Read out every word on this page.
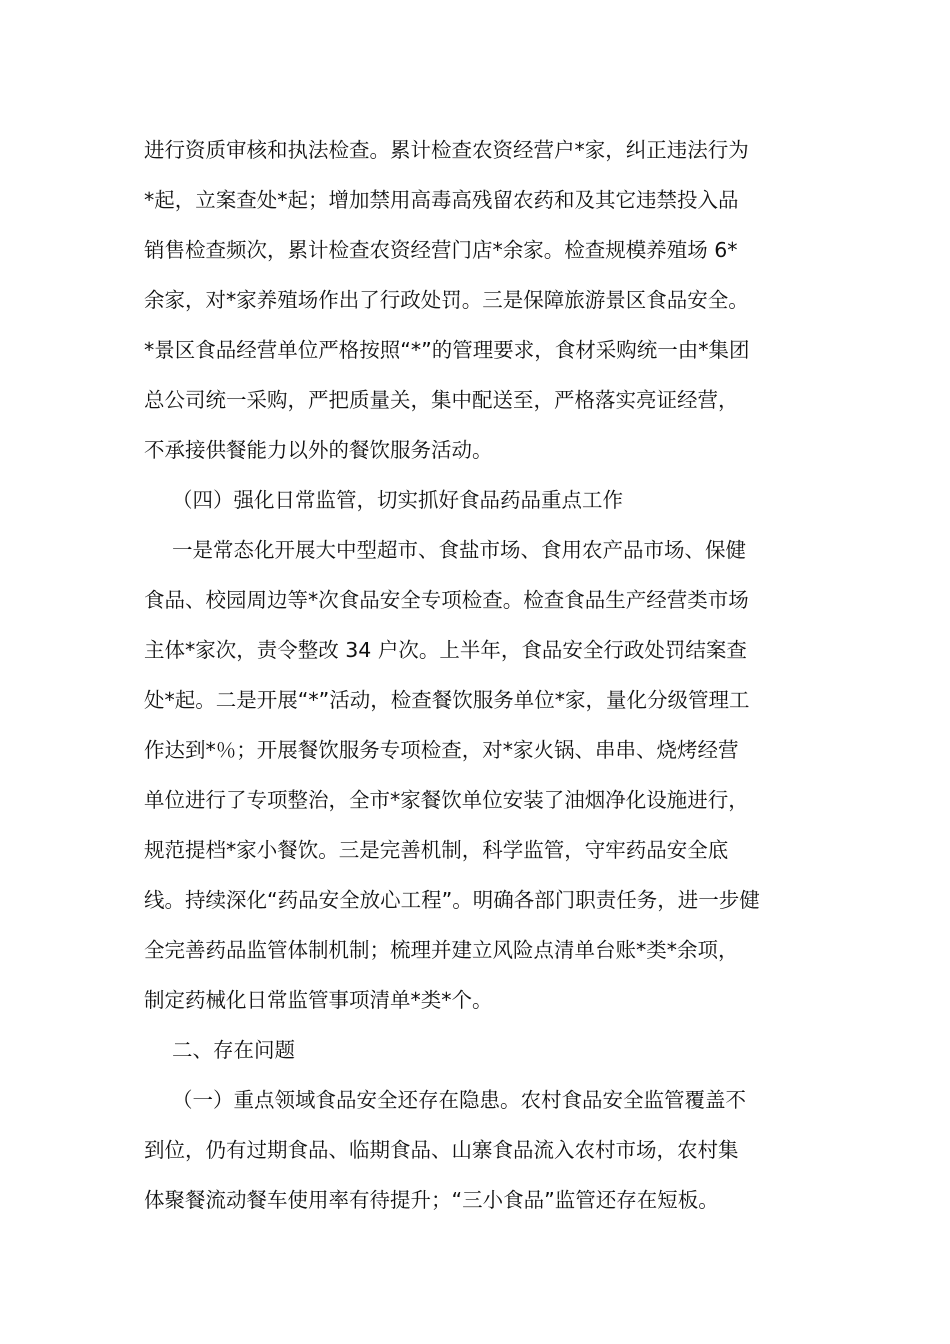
进行资质审核和执法检查。累计检查农资经营户*家，纠正违法行为
*起，立案查处*起；增加禁用高毒高残留农药和及其它违禁投入品
销售检查频次，累计检查农资经营门店*余家。检查规模养殖场 6*
余家，对*家养殖场作出了行政处罚。三是保障旅游景区食品安全。
*景区食品经营单位严格按照“*”的管理要求，食材采购统一由*集团
总公司统一采购，严把质量关，集中配送至，严格落实亮证经营，
不承接供餐能力以外的餐饮服务活动。
（四）强化日常监管，切实抓好食品药品重点工作
一是常态化开展大中型超市、食盐市场、食用农产品市场、保健
食品、校园周边等*次食品安全专项检查。检查食品生产经营类市场
主体*家次，责令整改 34 户次。上半年，食品安全行政处罚结案查
处*起。二是开展“*”活动，检查餐饮服务单位*家，量化分级管理工
作达到*％；开展餐饮服务专项检查，对*家火锅、串串、烧烤经营
单位进行了专项整治，全市*家餐饮单位安装了油烟净化设施进行，
规范提档*家小餐饮。三是完善机制，科学监管，守牢药品安全底
线。持续深化“药品安全放心工程”。明确各部门职责任务，进一步健
全完善药品监管体制机制；梳理并建立风险点清单台账*类*余项，
制定药械化日常监管事项清单*类*个。
二、存在问题
（一）重点领域食品安全还存在隐患。农村食品安全监管覆盖不
到位，仍有过期食品、临期食品、山寨食品流入农村市场，农村集
体聚餐流动餐车使用率有待提升；“三小食品”监管还存在短板。
